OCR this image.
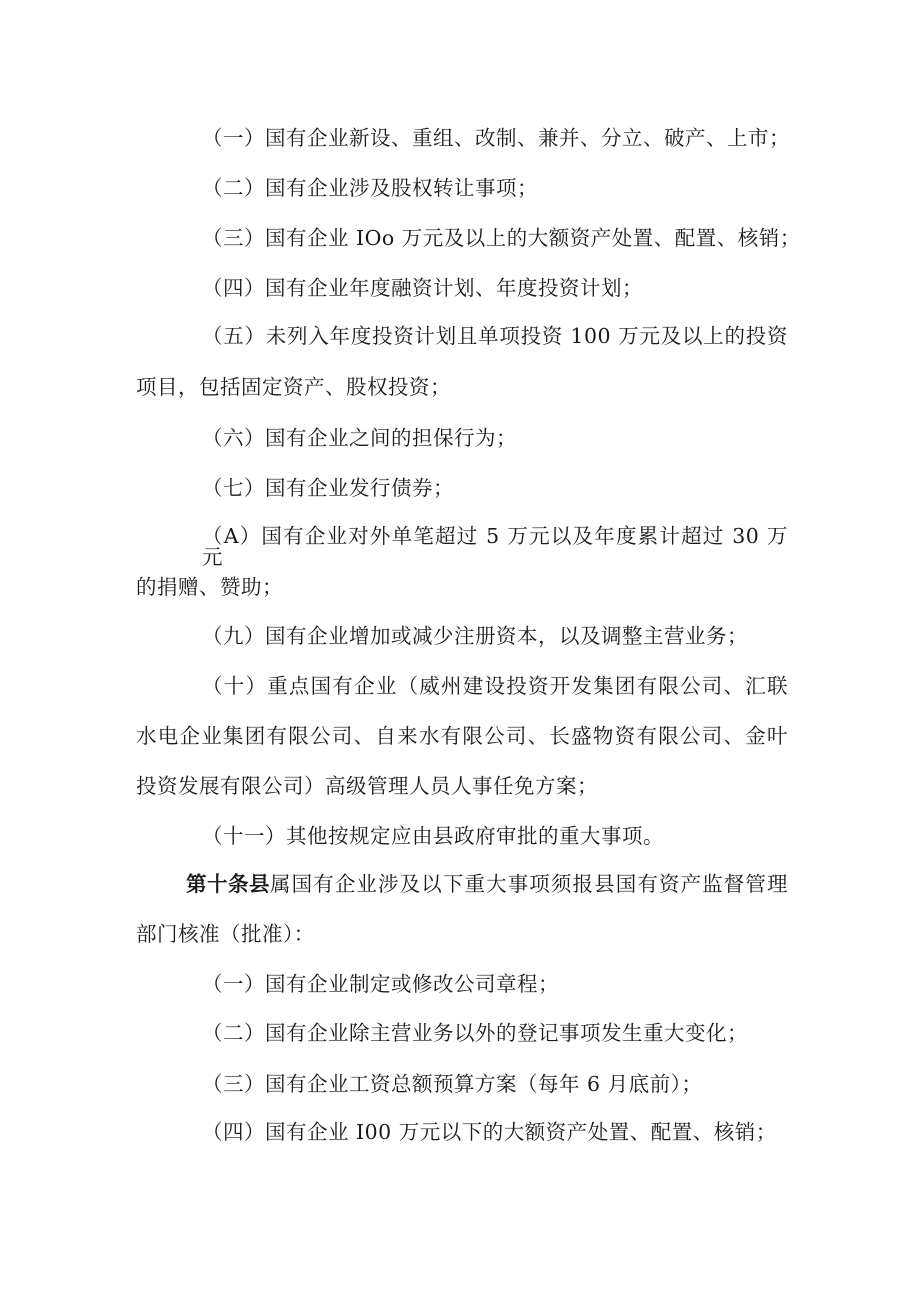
（一）国有企业新设、重组、改制、兼并、分立、破产、上市；
（二）国有企业涉及股权转让事项；
（三）国有企业 IOo 万元及以上的大额资产处置、配置、核销；
（四）国有企业年度融资计划、年度投资计划；
（五）未列入年度投资计划且单项投资 100 万元及以上的投资
项目，包括固定资产、股权投资；
（六）国有企业之间的担保行为；
（七）国有企业发行债券；
（A）国有企业对外单笔超过 5 万元以及年度累计超过 30 万元
的捐赠、赞助；
（九）国有企业增加或减少注册资本，以及调整主营业务；
（十）重点国有企业（威州建设投资开发集团有限公司、汇联
水电企业集团有限公司、自来水有限公司、长盛物资有限公司、金叶
投资发展有限公司）高级管理人员人事任免方案；
（十一）其他按规定应由县政府审批的重大事项。
第十条县 属国有企业涉及以下重大事项须报县国有资产监督管理
部门核准（批准）：
（一）国有企业制定或修改公司章程；
（二）国有企业除主营业务以外的登记事项发生重大变化；
（三）国有企业工资总额预算方案（每年 6 月底前）；
（四）国有企业 I00 万元以下的大额资产处置、配置、核销；
